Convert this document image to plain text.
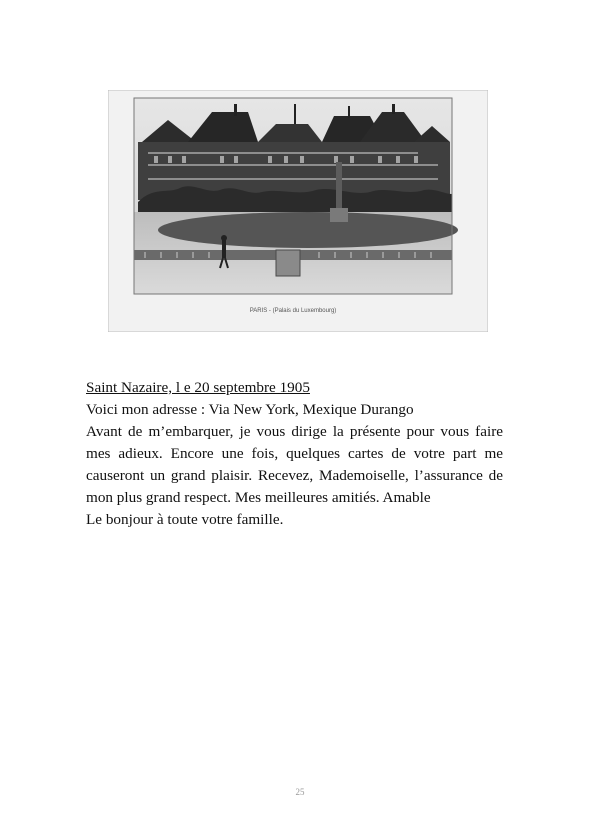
PARIS - (Palais du Luxembourg)

Saint Nazaire, l e 20 septembre 1905

Voici mon adresse : Via New York, Mexique Durango

Avant de m’embarquer, je vous dirige la présente pour vous faire mes adieux. Encore une fois, quelques cartes de votre part me causeront un grand plaisir. Recevez, Mademoiselle, l’assurance de mon plus grand respect. Mes meilleures amitiés. Amable

Le bonjour à toute votre famille.

25
